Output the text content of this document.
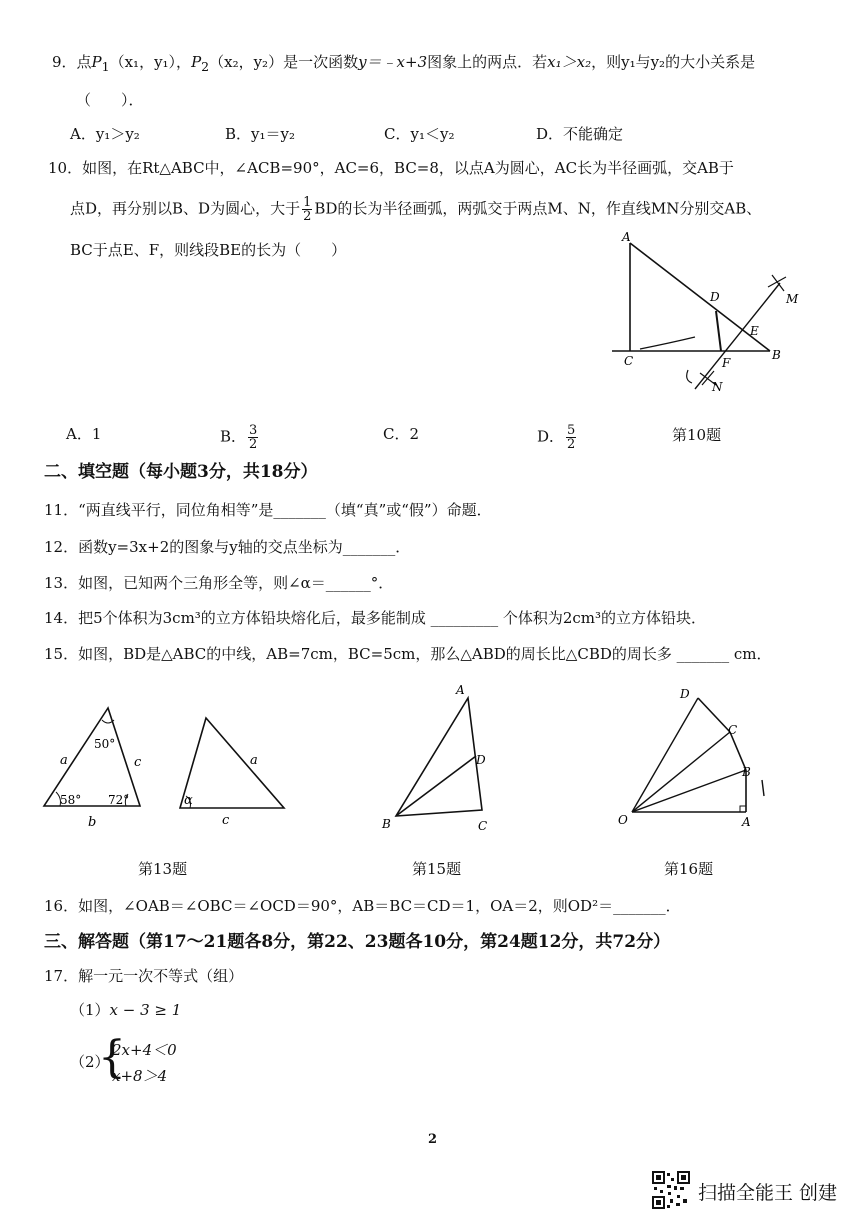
9．点$P_1(x_1$，y₁），$P_2(x_2$，y₂）是一次函数y＝﹣x+3图象上的两点．若x₁＞x₂，则y₁与y₂的大小关系是
（　　）．
A．y₁＞y₂	B．y₁＝y₂	C．y₁＜y₂	D．不能确定
10．如图，在Rt△ABC中，∠ACB=90°，AC=6，BC=8，以点A为圆心，AC长为半径画弧，交AB于
点D，再分别以B、D为圆心，大于 $\frac{1}{2}$ BD的长为半径画弧，两弧交于两点M、N，作直线MN分别交AB、
BC于点E、F，则线段BE的长为（　　）
A
C	B
D
E
F
M
N
A．1	B． $\frac{3}{2}$	C．2	D． $\frac{5}{2}$	第10题
二、填空题（每小题3分，共18分）
11．“两直线平行，同位角相等”是_______（填“真”或“假”）命题．
12．函数y=3x+2的图象与y轴的交点坐标为_______．
13．如图，已知两个三角形全等，则∠α＝______°．
14．把5个体积为3cm³的立方体铅块熔化后，最多能制成 _________ 个体积为2cm³的立方体铅块．
15．如图，BD是△ABC的中线，AB=7cm，BC=5cm，那么△ABD的周长比△CBD的周长多 _______ cm．
50°
58° 72°
a	c
b
a
c
α
第13题
A
B	C
D
第15题
O	A
B
C
D
第16题
16．如图，∠OAB＝∠OBC＝∠OCD＝90°，AB＝BC＝CD＝1，OA＝2，则OD²＝_______．
三、解答题（第17～21题各8分，第22、23题各10分，第24题12分，共72分）
17．解一元一次不等式（组）
（1）x − 3 ≥ 1
（2）
{
2x+4＜0
x+8＞4
2
扫描全能王 创建
